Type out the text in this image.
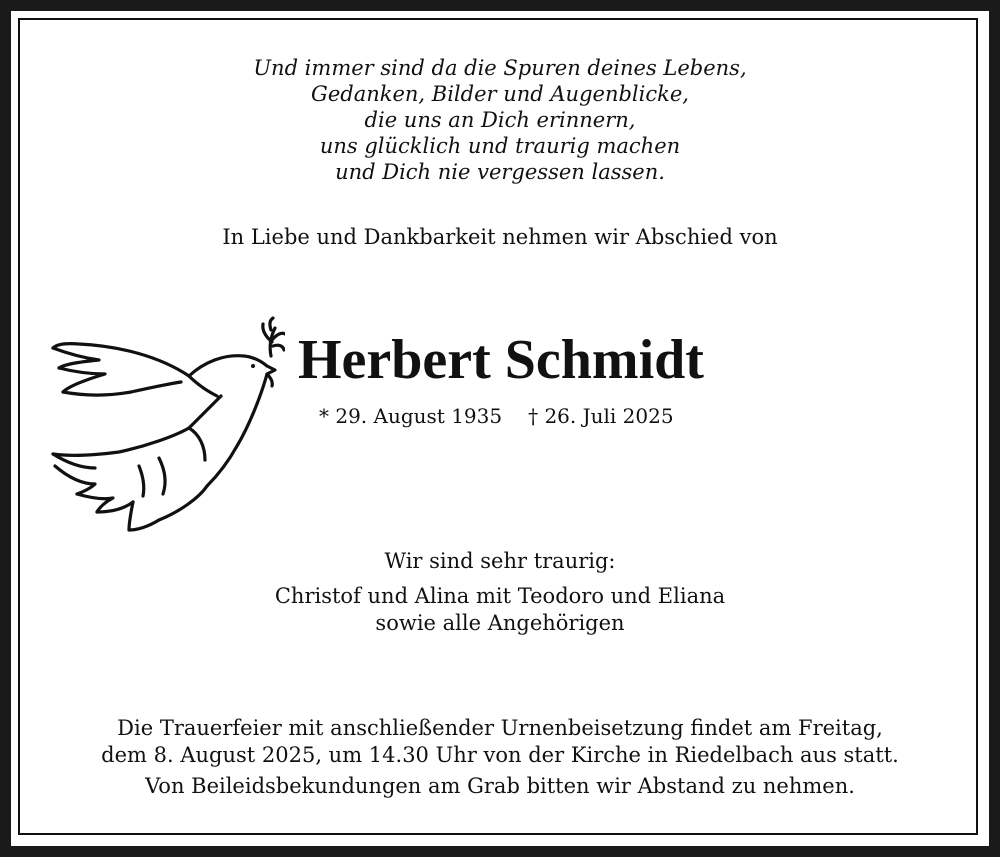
Und immer sind da die Spuren deines Lebens,
Gedanken, Bilder und Augenblicke,
die uns an Dich erinnern,
uns glücklich und traurig machen
und Dich nie vergessen lassen.
In Liebe und Dankbarkeit nehmen wir Abschied von
Herbert Schmidt
* 29. August 1935 † 26. Juli 2025
Wir sind sehr traurig:
Christof und Alina mit Teodoro und Eliana
sowie alle Angehörigen
Die Trauerfeier mit anschließender Urnenbeisetzung findet am Freitag,
dem 8. August 2025, um 14.30 Uhr von der Kirche in Riedelbach aus statt.
Von Beileidsbekundungen am Grab bitten wir Abstand zu nehmen.
